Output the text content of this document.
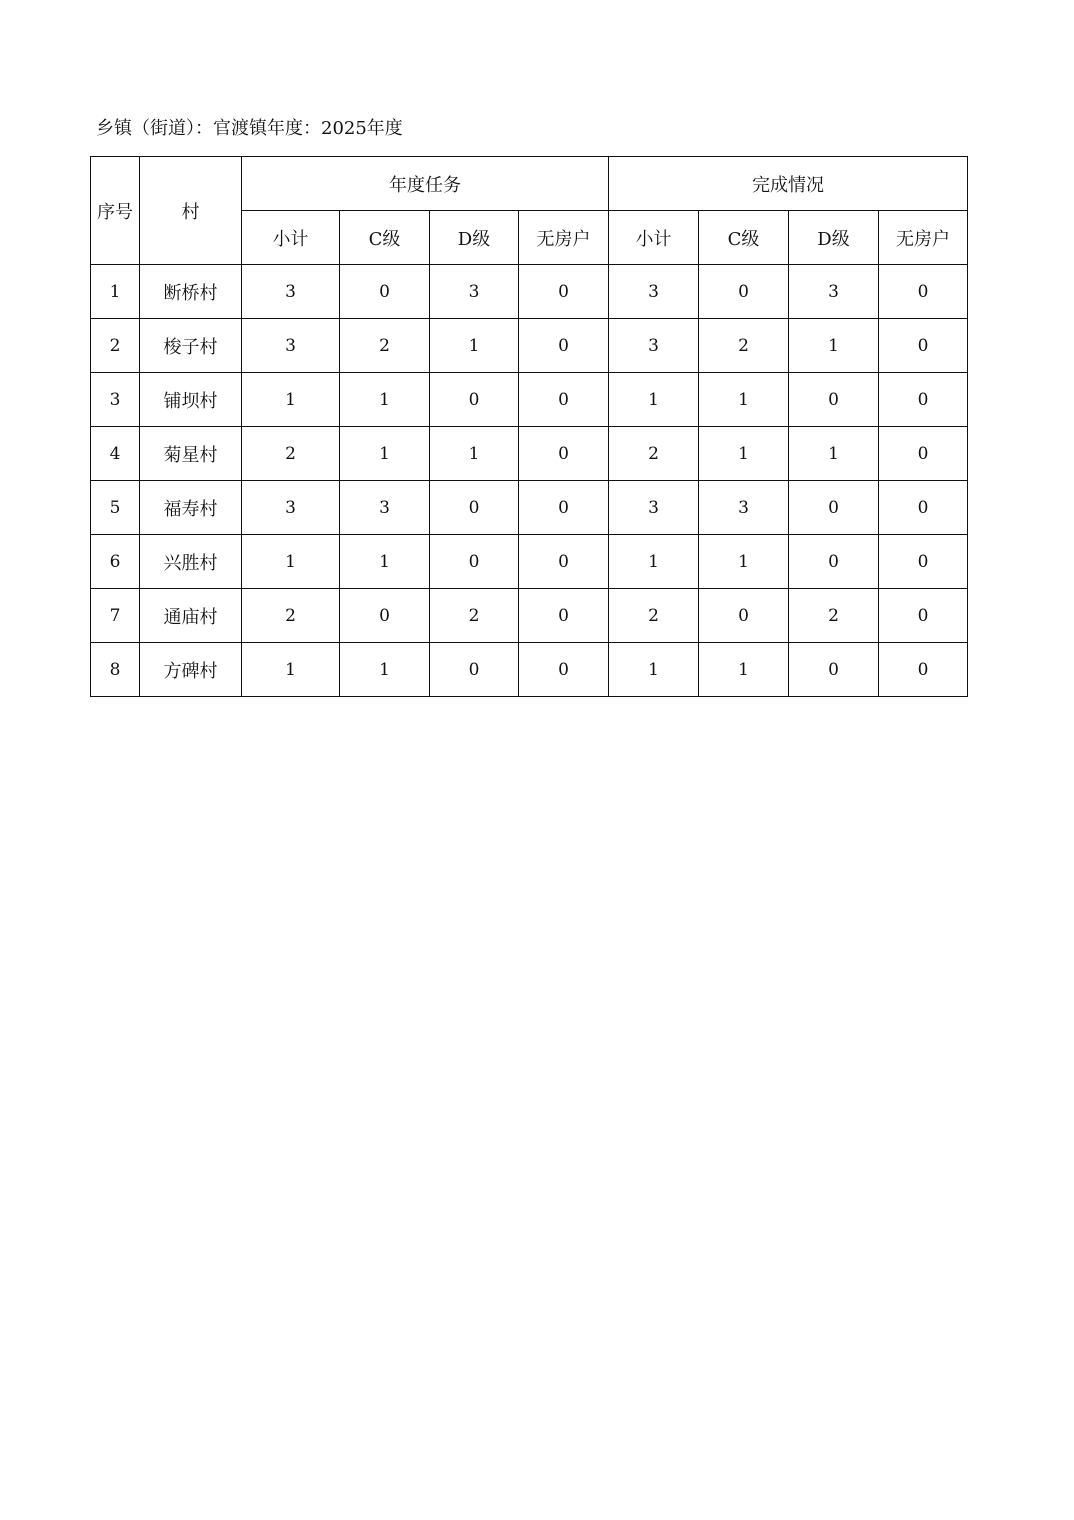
乡镇（街道）：官渡镇年度：2025年度
序号	村	年度任务				完成情况			
		小计	C级	D级	无房户	小计	C级	D级	无房户
1	断桥村	3	0	3	0	3	0	3	0
2	梭子村	3	2	1	0	3	2	1	0
3	铺坝村	1	1	0	0	1	1	0	0
4	菊星村	2	1	1	0	2	1	1	0
5	福寿村	3	3	0	0	3	3	0	0
6	兴胜村	1	1	0	0	1	1	0	0
7	通庙村	2	0	2	0	2	0	2	0
8	方碑村	1	1	0	0	1	1	0	0
